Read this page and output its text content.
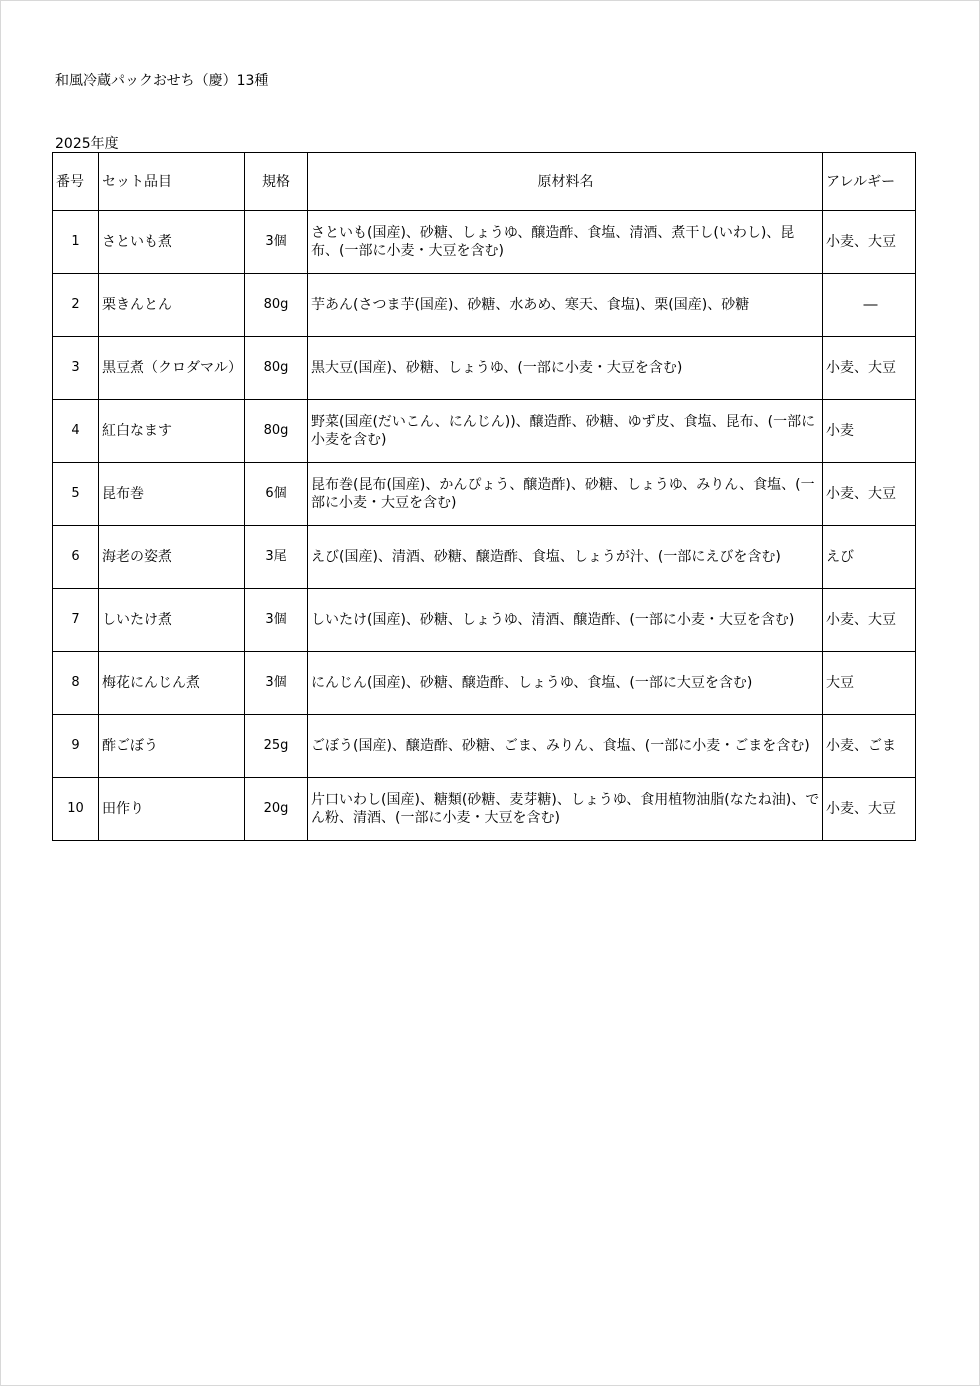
和風冷蔵パックおせち（慶）13種
2025年度
番号	セット品目	規格	原材料名	アレルギー
1	さといも煮	3個	さといも(国産)、砂糖、しょうゆ、醸造酢、食塩、清酒、煮干し(いわし)、昆布、(一部に小麦・大豆を含む)	小麦、大豆
2	栗きんとん	80g	芋あん(さつま芋(国産)、砂糖、水あめ、寒天、食塩)、栗(国産)、砂糖	―
3	黒豆煮（クロダマル）	80g	黒大豆(国産)、砂糖、しょうゆ、(一部に小麦・大豆を含む)	小麦、大豆
4	紅白なます	80g	野菜(国産(だいこん、にんじん))、醸造酢、砂糖、ゆず皮、食塩、昆布、(一部に小麦を含む)	小麦
5	昆布巻	6個	昆布巻(昆布(国産)、かんぴょう、醸造酢)、砂糖、しょうゆ、みりん、食塩、(一部に小麦・大豆を含む)	小麦、大豆
6	海老の姿煮	3尾	えび(国産)、清酒、砂糖、醸造酢、食塩、しょうが汁、(一部にえびを含む)	えび
7	しいたけ煮	3個	しいたけ(国産)、砂糖、しょうゆ、清酒、醸造酢、(一部に小麦・大豆を含む)	小麦、大豆
8	梅花にんじん煮	3個	にんじん(国産)、砂糖、醸造酢、しょうゆ、食塩、(一部に大豆を含む)	大豆
9	酢ごぼう	25g	ごぼう(国産)、醸造酢、砂糖、ごま、みりん、食塩、(一部に小麦・ごまを含む)	小麦、ごま
10	田作り	20g	片口いわし(国産)、糖類(砂糖、麦芽糖)、しょうゆ、食用植物油脂(なたね油)、でん粉、清酒、(一部に小麦・大豆を含む)	小麦、大豆
